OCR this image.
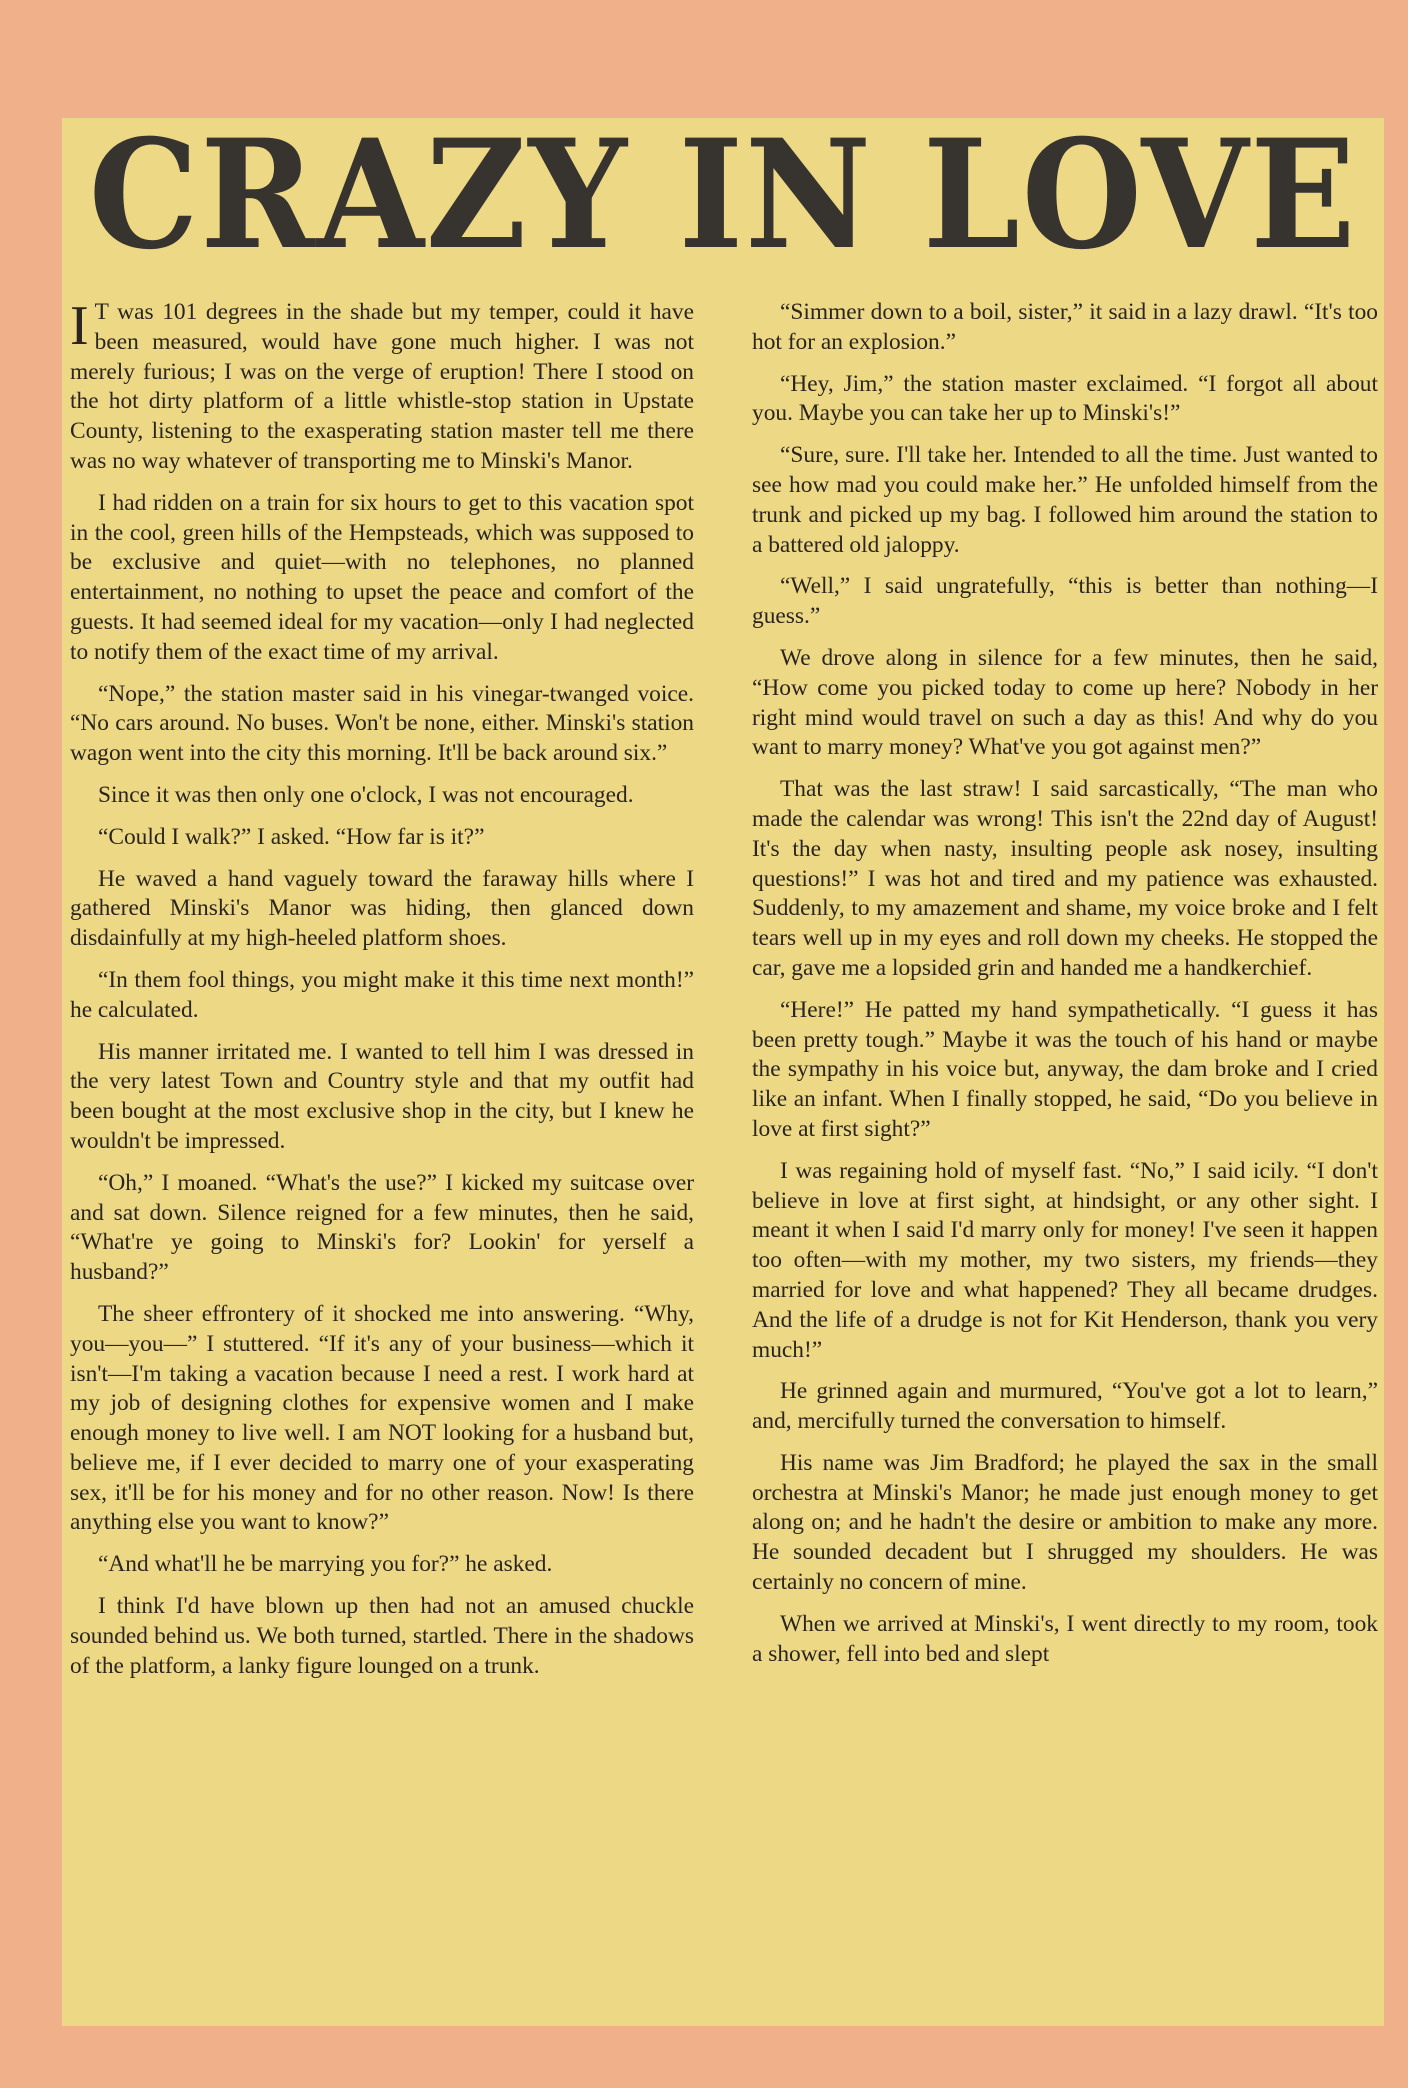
CRAZY IN LOVE

I T was 101 degrees in the shade but my temper, could it have been measured, would have gone much higher. I was not merely furious; I was on the verge of eruption! There I stood on the hot dirty platform of a little whistle-stop station in Upstate County, listening to the exasperating station master tell me there was no way whatever of transporting me to Minski's Manor.

I had ridden on a train for six hours to get to this vacation spot in the cool, green hills of the Hempsteads, which was supposed to be exclusive and quiet—with no telephones, no planned entertainment, no nothing to upset the peace and comfort of the guests. It had seemed ideal for my vacation—only I had neglected to notify them of the exact time of my arrival.

“Nope,” the station master said in his vinegar-twanged voice. “No cars around. No buses. Won't be none, either. Minski's station wagon went into the city this morning. It'll be back around six.”

Since it was then only one o'clock, I was not encouraged.

“Could I walk?” I asked. “How far is it?”

He waved a hand vaguely toward the faraway hills where I gathered Minski's Manor was hiding, then glanced down disdainfully at my high-heeled platform shoes.

“In them fool things, you might make it this time next month!” he calculated.

His manner irritated me. I wanted to tell him I was dressed in the very latest Town and Country style and that my outfit had been bought at the most exclusive shop in the city, but I knew he wouldn't be impressed.

“Oh,” I moaned. “What's the use?” I kicked my suitcase over and sat down. Silence reigned for a few minutes, then he said, “What're ye going to Minski's for? Lookin' for yerself a husband?”

The sheer effrontery of it shocked me into answering. “Why, you—you—” I stuttered. “If it's any of your business—which it isn't—I'm taking a vacation because I need a rest. I work hard at my job of designing clothes for expensive women and I make enough money to live well. I am NOT looking for a husband but, believe me, if I ever decided to marry one of your exasperating sex, it'll be for his money and for no other reason. Now! Is there anything else you want to know?”

“And what'll he be marrying you for?” he asked.

I think I'd have blown up then had not an amused chuckle sounded behind us. We both turned, startled. There in the shadows of the platform, a lanky figure lounged on a trunk.

“Simmer down to a boil, sister,” it said in a lazy drawl. “It's too hot for an explosion.”

“Hey, Jim,” the station master exclaimed. “I forgot all about you. Maybe you can take her up to Minski's!”

“Sure, sure. I'll take her. Intended to all the time. Just wanted to see how mad you could make her.” He unfolded himself from the trunk and picked up my bag. I followed him around the station to a battered old jaloppy.

“Well,” I said ungratefully, “this is better than nothing—I guess.”

We drove along in silence for a few minutes, then he said, “How come you picked today to come up here? Nobody in her right mind would travel on such a day as this! And why do you want to marry money? What've you got against men?”

That was the last straw! I said sarcastically, “The man who made the calendar was wrong! This isn't the 22nd day of August! It's the day when nasty, insulting people ask nosey, insulting questions!” I was hot and tired and my patience was exhausted. Suddenly, to my amazement and shame, my voice broke and I felt tears well up in my eyes and roll down my cheeks. He stopped the car, gave me a lopsided grin and handed me a handkerchief.

“Here!” He patted my hand sympathetically. “I guess it has been pretty tough.” Maybe it was the touch of his hand or maybe the sympathy in his voice but, anyway, the dam broke and I cried like an infant. When I finally stopped, he said, “Do you believe in love at first sight?”

I was regaining hold of myself fast. “No,” I said icily. “I don't believe in love at first sight, at hindsight, or any other sight. I meant it when I said I'd marry only for money! I've seen it happen too often—with my mother, my two sisters, my friends—they married for love and what happened? They all became drudges. And the life of a drudge is not for Kit Henderson, thank you very much!”

He grinned again and murmured, “You've got a lot to learn,” and, mercifully turned the conversation to himself.

His name was Jim Bradford; he played the sax in the small orchestra at Minski's Manor; he made just enough money to get along on; and he hadn't the desire or ambition to make any more. He sounded decadent but I shrugged my shoulders. He was certainly no concern of mine.

When we arrived at Minski's, I went directly to my room, took a shower, fell into bed and slept
